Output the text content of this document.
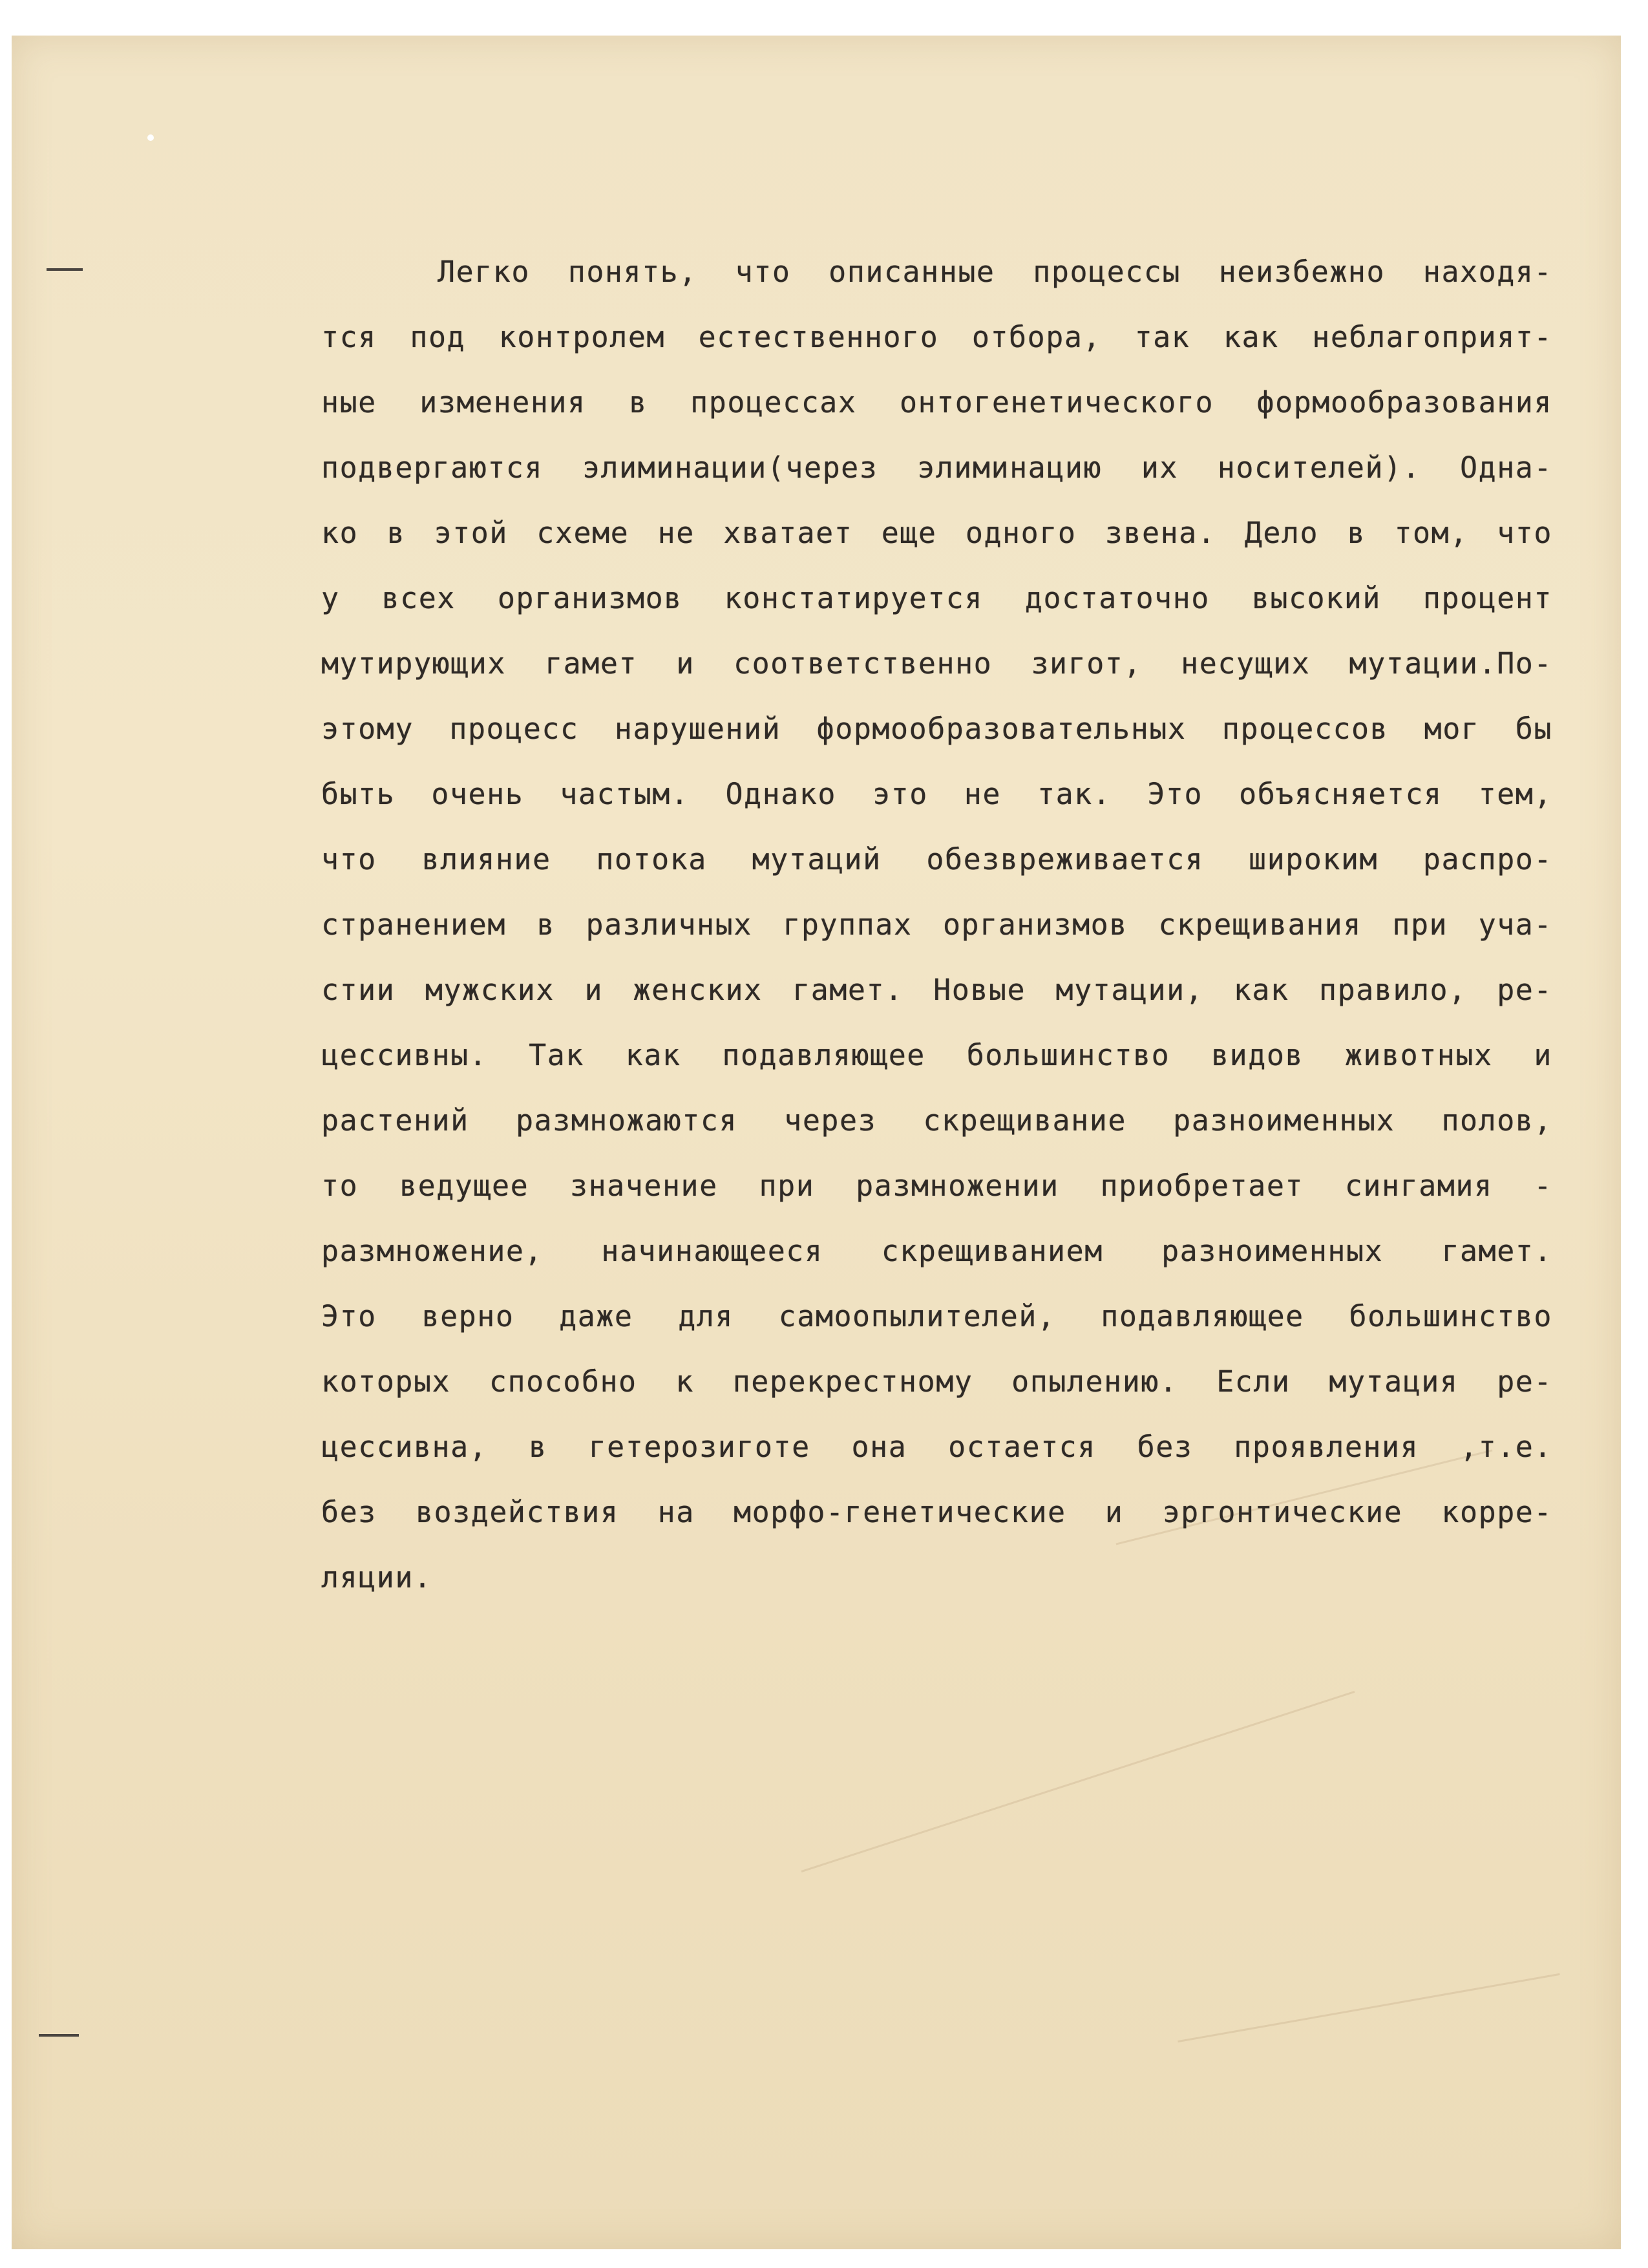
Легко понять, что описанные процессы неизбежно находя-
тся под контролем естественного отбора, так как неблагоприят-
ные изменения в процессах онтогенетического формообразования
подвергаются элиминации(через элиминацию их носителей). Одна-
ко в этой схеме не хватает еще одного звена. Дело в том, что
у всех организмов констатируется достаточно высокий процент
мутирующих гамет и соответственно зигот, несущих мутации.По-
этому процесс нарушений формообразовательных процессов мог бы
быть очень частым. Однако это не так. Это объясняется тем,
что влияние потока мутаций обезвреживается широким распро-
странением в различных группах организмов скрещивания при уча-
стии мужских и женских гамет. Новые мутации, как правило, ре-
цессивны. Так как подавляющее большинство видов животных и
растений размножаются через скрещивание разноименных полов,
то ведущее значение при размножении приобретает сингамия -
размножение, начинающееся скрещиванием разноименных гамет.
Это верно даже для самоопылителей, подавляющее большинство
которых способно к перекрестному опылению. Если мутация ре-
цессивна, в гетерозиготе она остается без проявления ,т.е.
без воздействия на морфо-генетические и эргонтические корре-
ляции.
